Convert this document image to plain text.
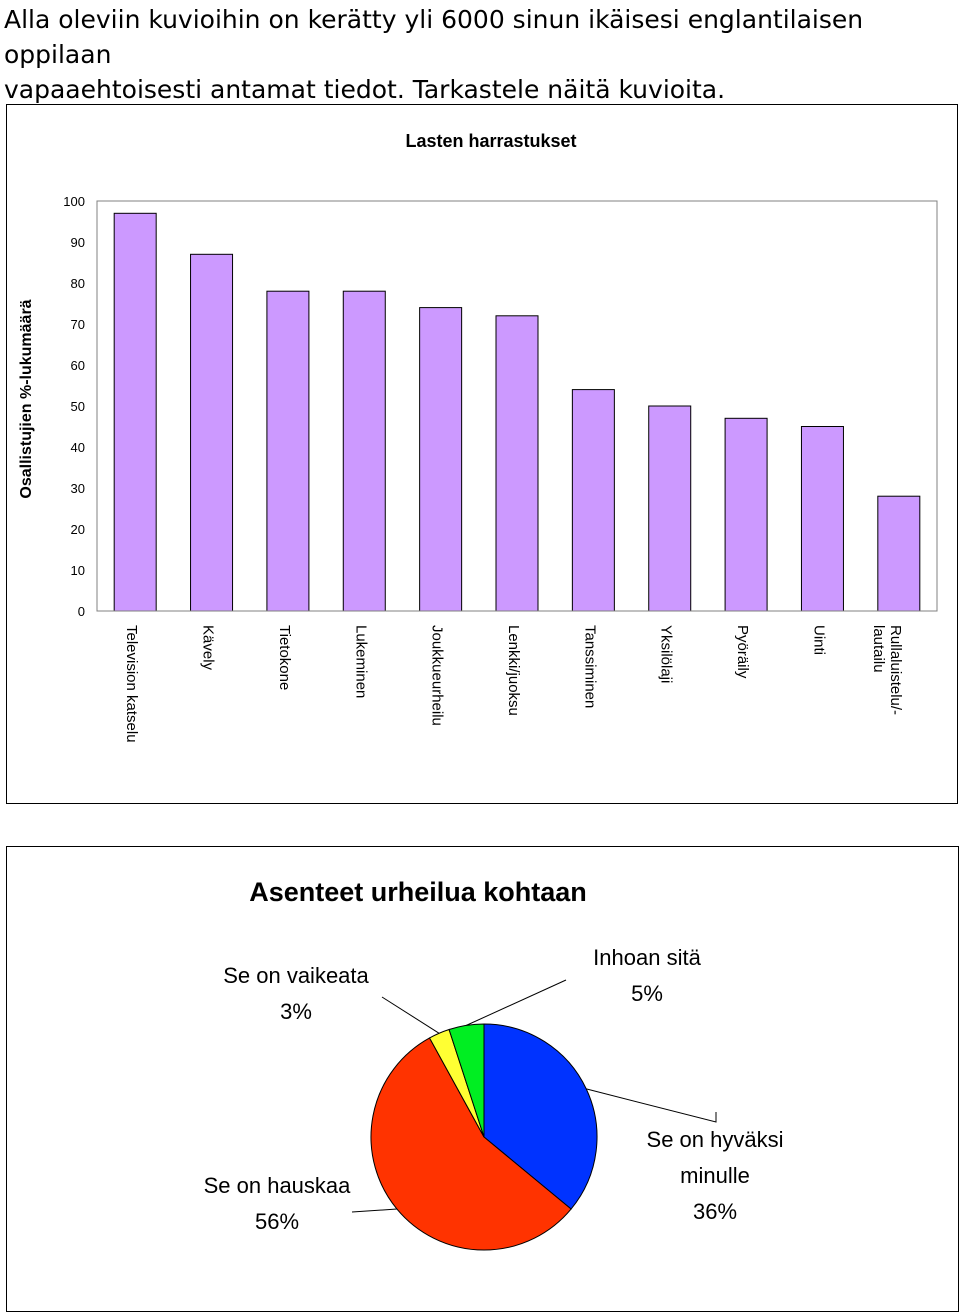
Alla oleviin kuvioihin on kerätty yli 6000 sinun ikäisesi englantilaisen oppilaan
vapaaehtoisesti antamat tiedot. Tarkastele näitä kuvioita.
Lasten harrastukset
Osallistujien %-lukumäärä
0
10
20
30
40
50
60
70
80
90
100
Television katselu	Kävely	Tietokone	Lukeminen	Joukkueurheilu	Lenkki/juoksu	Tanssiminen	Yksilölaji	Pyöräily	Uinti	Rullaluistelu/-lautailu
Asenteet urheilua kohtaan
Se on hyväksi minulle
36%
Se on hauskaa
56%
Se on vaikeata
3%
Inhoan sitä
5%
